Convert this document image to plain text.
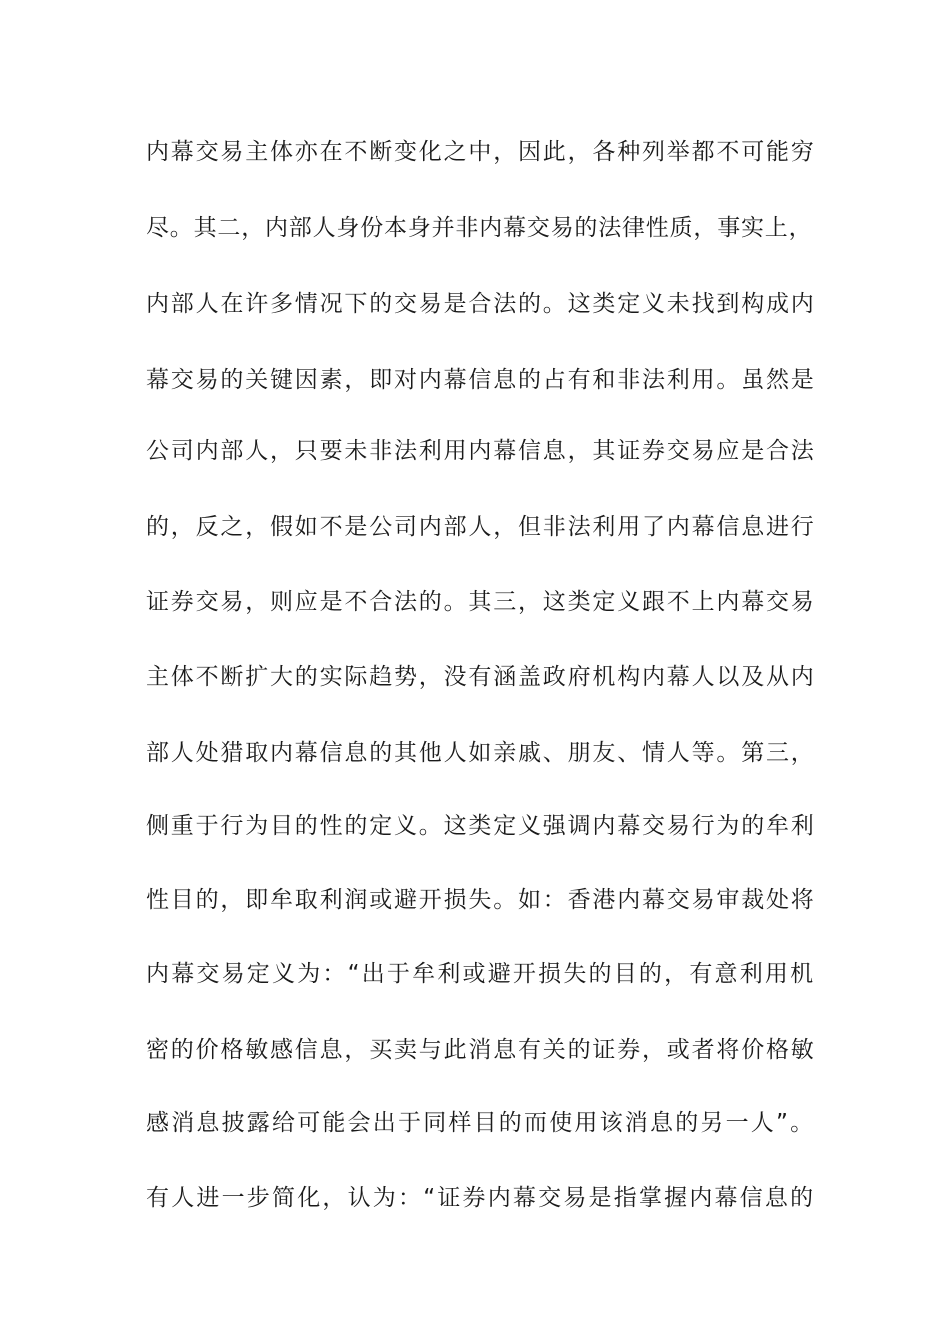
内幕交易主体亦在不断变化之中，因此，各种列举都不可能穷
尽。其二，内部人身份本身并非内幕交易的法律性质，事实上，
内部人在许多情况下的交易是合法的。这类定义未找到构成内
幕交易的关键因素，即对内幕信息的占有和非法利用。虽然是
公司内部人，只要未非法利用内幕信息，其证券交易应是合法
的，反之，假如不是公司内部人，但非法利用了内幕信息进行
证券交易，则应是不合法的。其三，这类定义跟不上内幕交易
主体不断扩大的实际趋势，没有涵盖政府机构内幕人以及从内
部人处猎取内幕信息的其他人如亲戚、朋友、情人等。第三，
侧重于行为目的性的定义。这类定义强调内幕交易行为的牟利
性目的，即牟取利润或避开损失。如：香港内幕交易审裁处将
内幕交易定义为：“出于牟利或避开损失的目的，有意利用机
密的价格敏感信息，买卖与此消息有关的证券，或者将价格敏
感消息披露给可能会出于同样目的而使用该消息的另一人”。
有人进一步简化，认为：“证券内幕交易是指掌握内幕信息的
